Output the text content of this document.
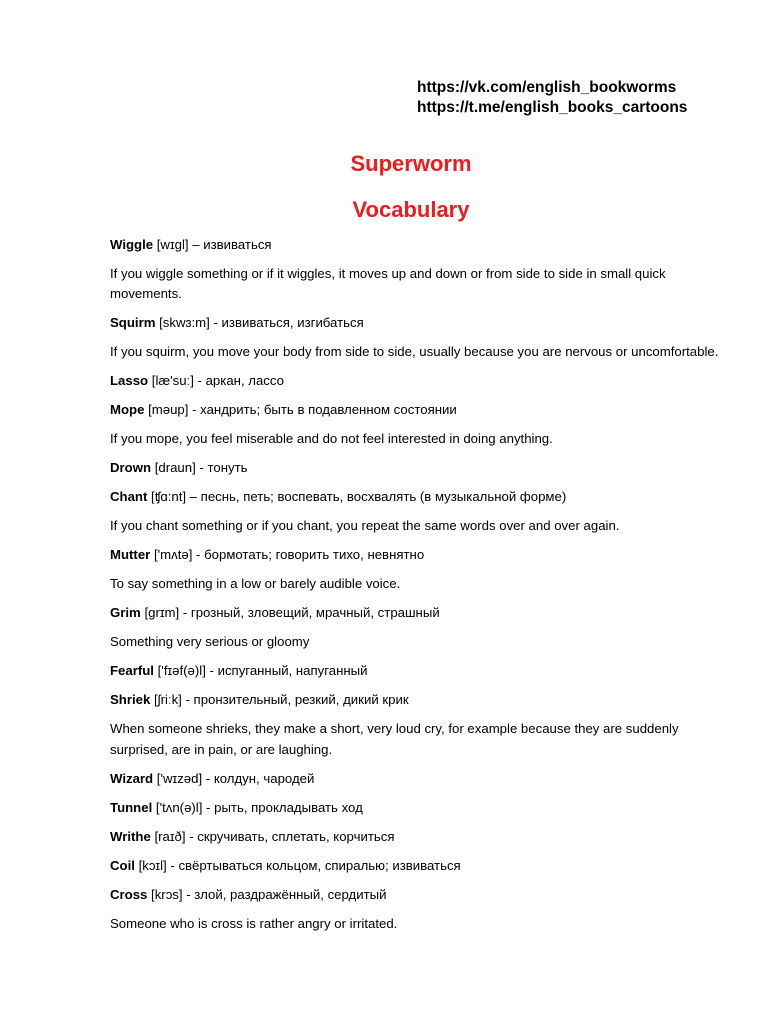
https://vk.com/english_bookworms
https://t.me/english_books_cartoons
Superworm
Vocabulary

Wiggle [wɪgl] – извиваться

If you wiggle something or if it wiggles, it moves up and down or from side to side in small quick movements.

Squirm [skwɜ:m] - извиваться, изгибаться

If you squirm, you move your body from side to side, usually because you are nervous or uncomfortable.

Lasso [læ'suː] - аркан, лассо

Mope [məup] - хандрить; быть в подавленном состоянии

If you mope, you feel miserable and do not feel interested in doing anything.

Drown [draun] - тонуть

Chant [ʧɑ:nt] – песнь, петь; воспевать, восхвалять (в музыкальной форме)

If you chant something or if you chant, you repeat the same words over and over again.

Mutter ['mʌtə] - бормотать; говорить тихо, невнятно

To say something in a low or barely audible voice.

Grim [grɪm] - грозный, зловещий, мрачный, страшный

Something very serious or gloomy

Fearful ['fɪəf(ə)l] - испуганный, напуганный

Shriek [ʃriːk] - пронзительный, резкий, дикий крик

When someone shrieks, they make a short, very loud cry, for example because they are suddenly surprised, are in pain, or are laughing.

Wizard ['wɪzəd] - колдун, чародей

Tunnel ['tʌn(ə)l] - рыть, прокладывать ход

Writhe [raɪð] - скручивать, сплетать, корчиться

Coil [kɔɪl] - свёртываться кольцом, спиралью; извиваться

Cross [krɔs] - злой, раздражённый, сердитый

Someone who is cross is rather angry or irritated.
